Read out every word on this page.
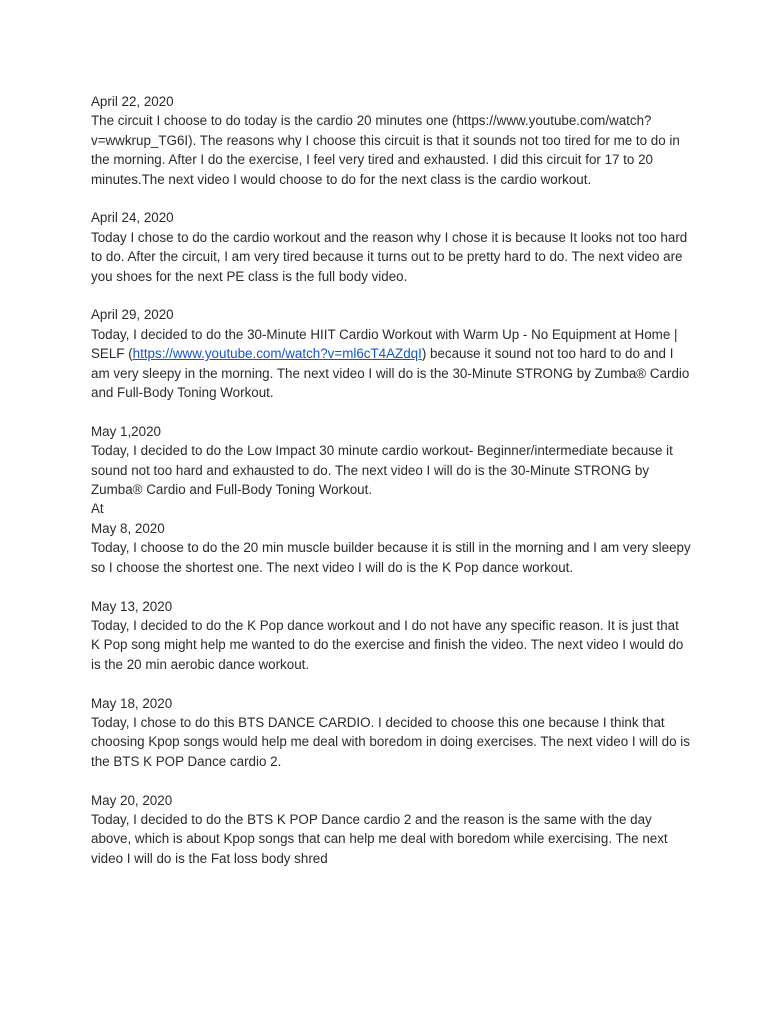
April 22, 2020

The circuit I choose to do today is the cardio 20 minutes one (https://www.youtube.com/watch?v=wwkrup_TG6I). The reasons why I choose this circuit is that it sounds not too tired for me to do in the morning. After I do the exercise, I feel very tired and exhausted. I did this circuit for 17 to 20 minutes.The next video I would choose to do for the next class is the cardio workout.

April 24, 2020

Today I chose to do the cardio workout and the reason why I chose it is because It looks not too hard to do. After the circuit, I am very tired because it turns out to be pretty hard to do. The next video are you shoes for the next PE class is the full body video.

April 29, 2020

Today, I decided to do the 30-Minute HIIT Cardio Workout with Warm Up - No Equipment at Home | SELF (https://www.youtube.com/watch?v=ml6cT4AZdqI) because it sound not too hard to do and I am very sleepy in the morning. The next video I will do is the 30-Minute STRONG by Zumba® Cardio and Full-Body Toning Workout.

May 1,2020

Today, I decided to do the Low Impact 30 minute cardio workout- Beginner/intermediate because it sound not too hard and exhausted to do. The next video I will do is the 30-Minute STRONG by Zumba® Cardio and Full-Body Toning Workout.

At
May 8, 2020

Today, I choose to do the 20 min muscle builder because it is still in the morning and I am very sleepy so I choose the shortest one. The next video I will do is the K Pop dance workout.

May 13, 2020

Today, I decided to do the K Pop dance workout and I do not have any specific reason. It is just that K Pop song might help me wanted to do the exercise and finish the video. The next video I would do is the 20 min aerobic dance workout.

May 18, 2020

Today, I chose to do this BTS DANCE CARDIO. I decided to choose this one because I think that choosing Kpop songs would help me deal with boredom in doing exercises. The next video I will do is the BTS K POP Dance cardio 2.

May 20, 2020

Today, I decided to do the BTS K POP Dance cardio 2 and the reason is the same with the day above, which is about Kpop songs that can help me deal with boredom while exercising. The next video I will do is the Fat loss body shred
